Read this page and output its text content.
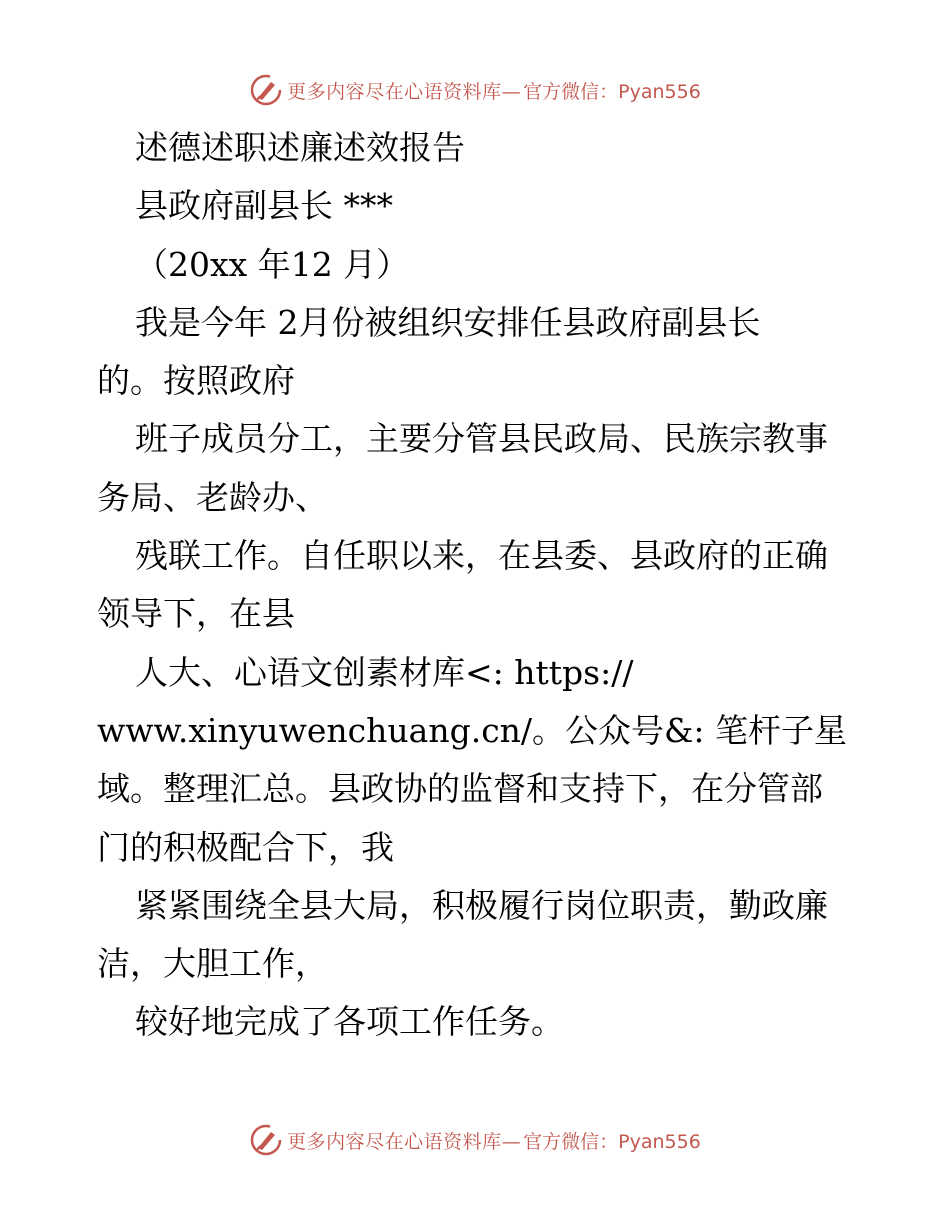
更多内容尽在心语资料库— 官方微信：Pyan556
述德述职述廉述效报告
县政府副县长 ***
（20xx 年12 月）
我是今年 2月份被组织安排任县政府副县长
的。按照政府
班子成员分工，主要分管县民政局、民族宗教事
务局、老龄办、
残联工作。自任职以来，在县委、县政府的正确
领导下，在县
人大、心语文创素材库<: https://
www.xinyuwenchuang.cn/。公众号&: 笔杆子星
域。整理汇总。县政协的监督和支持下，在分管部
门的积极配合下，我
紧紧围绕全县大局，积极履行岗位职责，勤政廉
洁，大胆工作，
较好地完成了各项工作任务。
更多内容尽在心语资料库— 官方微信：Pyan556
